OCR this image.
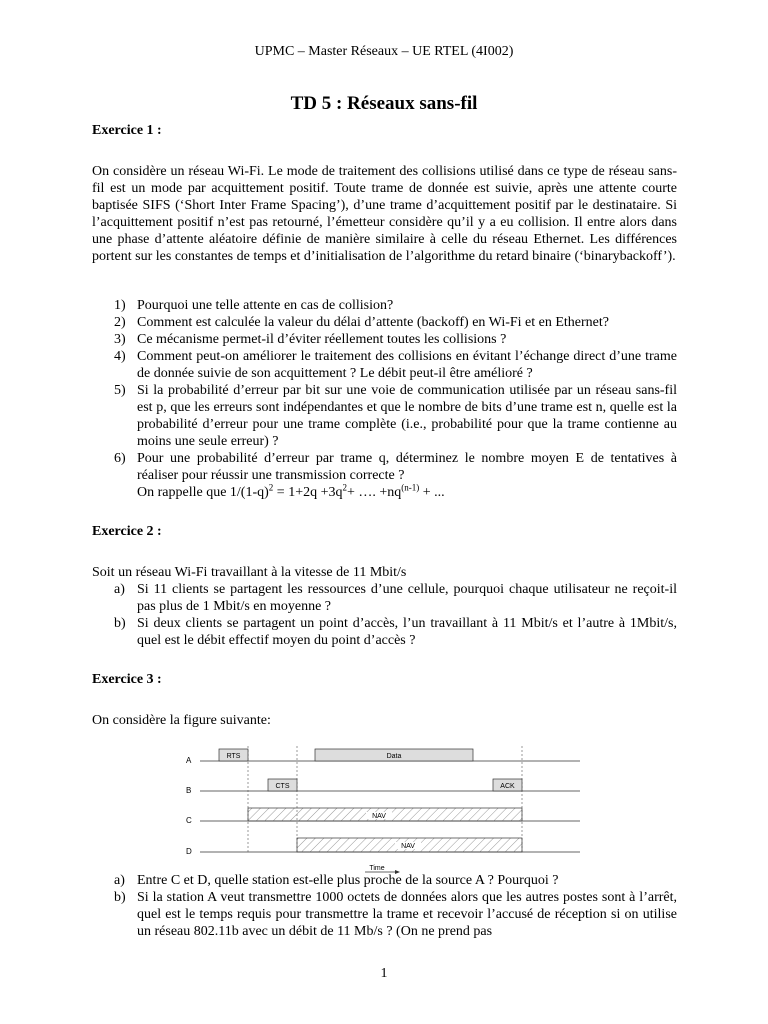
UPMC – Master Réseaux – UE RTEL (4I002)
TD 5 : Réseaux sans-fil
Exercice 1 :
On considère un réseau Wi-Fi. Le mode de traitement des collisions utilisé dans ce type de réseau sans-fil est un mode par acquittement positif. Toute trame de donnée est suivie, après une attente courte baptisée SIFS (‘Short Inter Frame Spacing’), d’une trame d’acquittement positif par le destinataire. Si l’acquittement positif n’est pas retourné, l’émetteur considère qu’il y a eu collision. Il entre alors dans une phase d’attente aléatoire définie de manière similaire à celle du réseau Ethernet. Les différences portent sur les constantes de temps et d’initialisation de l’algorithme du retard binaire (‘binarybackoff’).
1) Pourquoi une telle attente en cas de collision?
2) Comment est calculée la valeur du délai d’attente (backoff) en Wi-Fi et en Ethernet?
3) Ce mécanisme permet-il d’éviter réellement toutes les collisions ?
4) Comment peut-on améliorer le traitement des collisions en évitant l’échange direct d’une trame de donnée suivie de son acquittement ? Le débit peut-il être amélioré ?
5) Si la probabilité d’erreur par bit sur une voie de communication utilisée par un réseau sans-fil est p, que les erreurs sont indépendantes et que le nombre de bits d’une trame est n, quelle est la probabilité d’erreur pour une trame complète (i.e., probabilité pour que la trame contienne au moins une seule erreur) ?
6) Pour une probabilité d’erreur par trame q, déterminez le nombre moyen E de tentatives à réaliser pour réussir une transmission correcte ?
On rappelle que $1/(1-q)^2 = 1+2q +3q^2+$ …. $+nq^{(n-1)}$ + ...
Exercice 2 :
Soit un réseau Wi-Fi travaillant à la vitesse de 11 Mbit/s
a) Si 11 clients se partagent les ressources d’une cellule, pourquoi chaque utilisateur ne reçoit-il pas plus de 1 Mbit/s en moyenne ?
b) Si deux clients se partagent un point d’accès, l’un travaillant à 11 Mbit/s et l’autre à 1Mbit/s, quel est le débit effectif moyen du point d’accès ?
Exercice 3 :
On considère la figure suivante:
A
B
C
D
RTS	Data
CTS	ACK
NAV
NAV
Time
a) Entre C et D, quelle station est-elle plus proche de la source A ? Pourquoi ?
b) Si la station A veut transmettre 1000 octets de données alors que les autres postes sont à l’arrêt, quel est le temps requis pour transmettre la trame et recevoir l’accusé de réception si on utilise un réseau 802.11b avec un débit de 11 Mb/s ? (On ne prend pas
1
